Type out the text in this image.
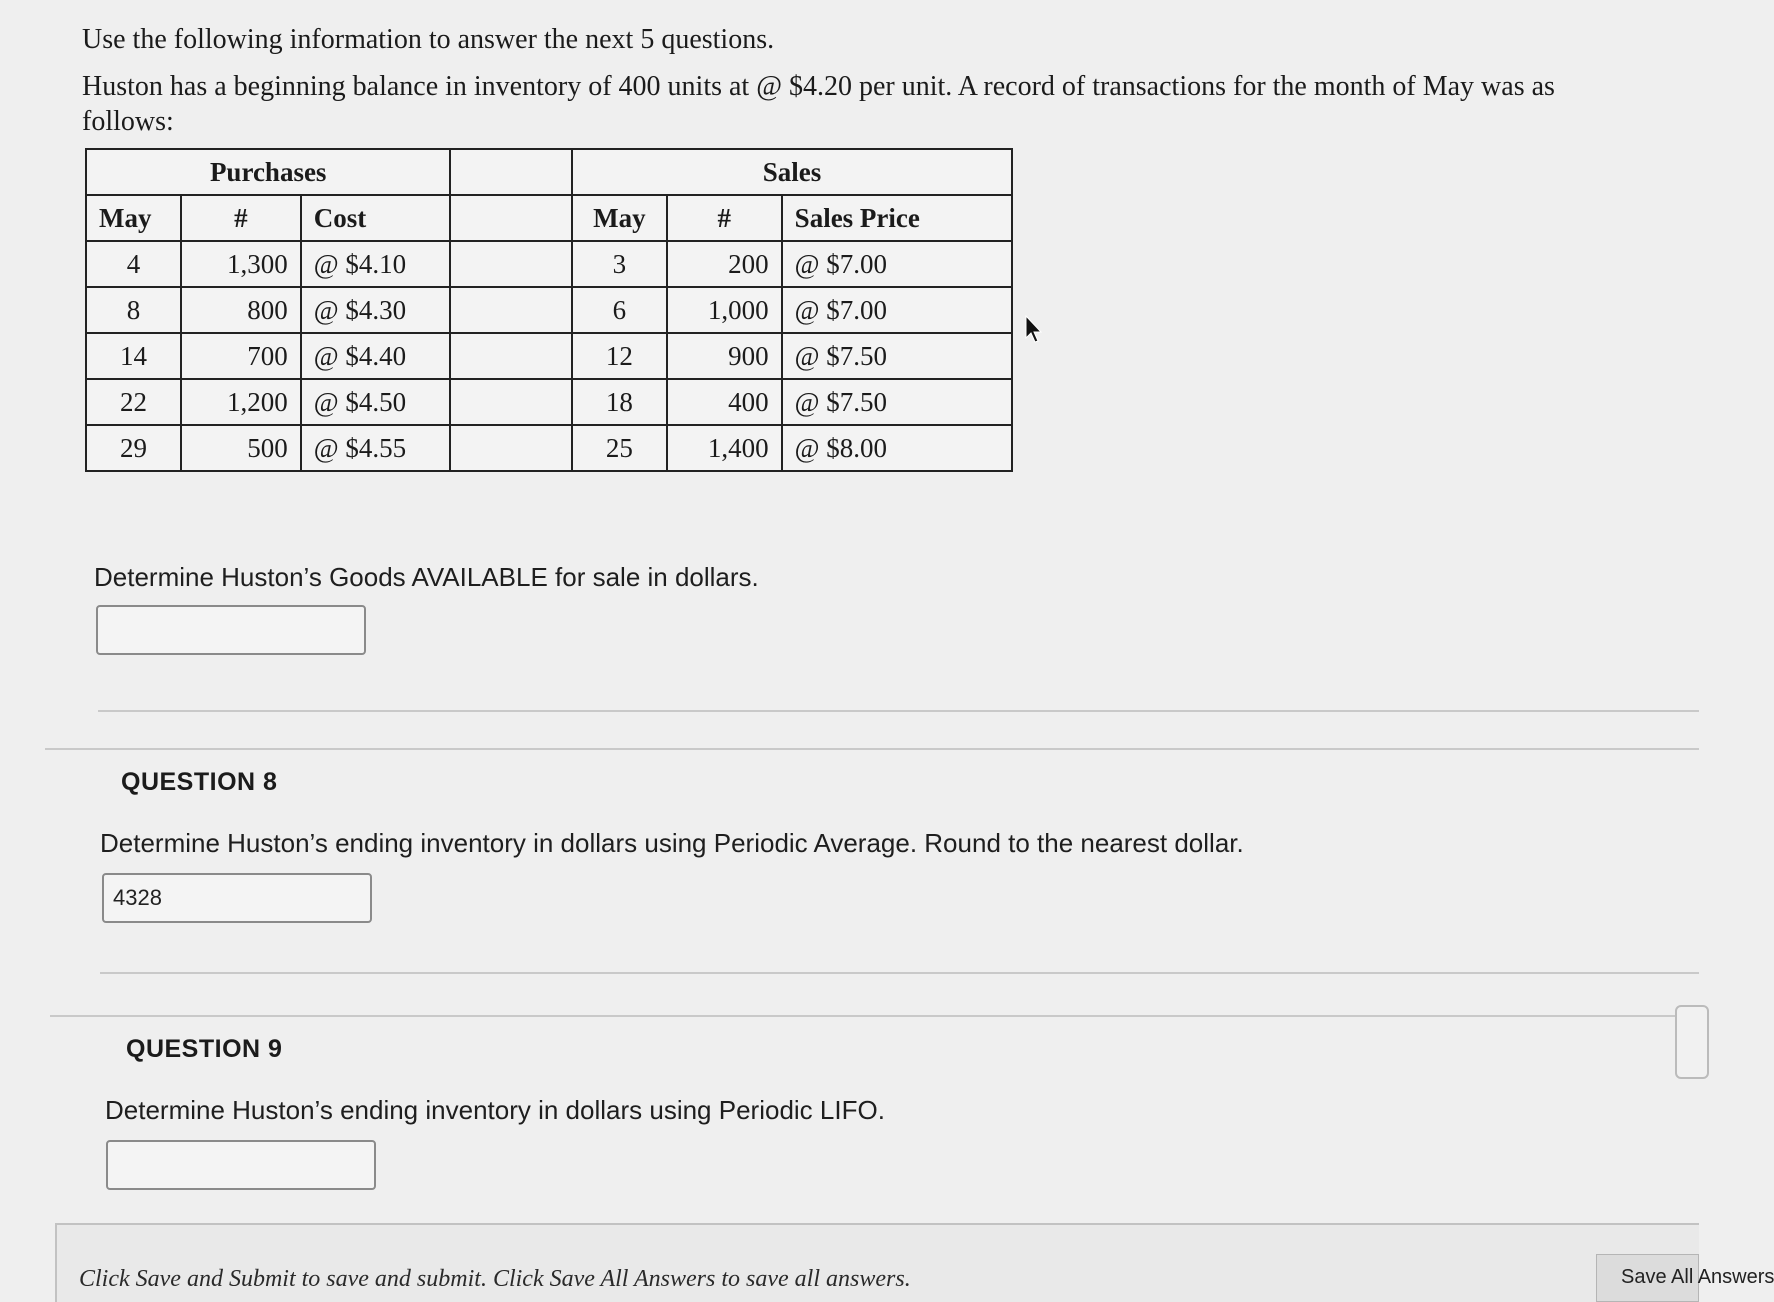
Use the following information to answer the next 5 questions.

Huston has a beginning balance in inventory of 400 units at @ $4.20 per unit. A record of transactions for the month of May was as follows:

Purchases				Sales		
May	#	Cost		May	#	Sales Price
4	1,300	@ $4.10		3	200	@ $7.00
8	800	@ $4.30		6	1,000	@ $7.00
14	700	@ $4.40		12	900	@ $7.50
22	1,200	@ $4.50		18	400	@ $7.50
29	500	@ $4.55		25	1,400	@ $8.00
Determine Huston’s Goods AVAILABLE for sale in dollars.
QUESTION 8
Determine Huston’s ending inventory in dollars using Periodic Average. Round to the nearest dollar.
4328
QUESTION 9
Determine Huston’s ending inventory in dollars using Periodic LIFO.
Click Save and Submit to save and submit. Click Save All Answers to save all answers.	Save All Answers
